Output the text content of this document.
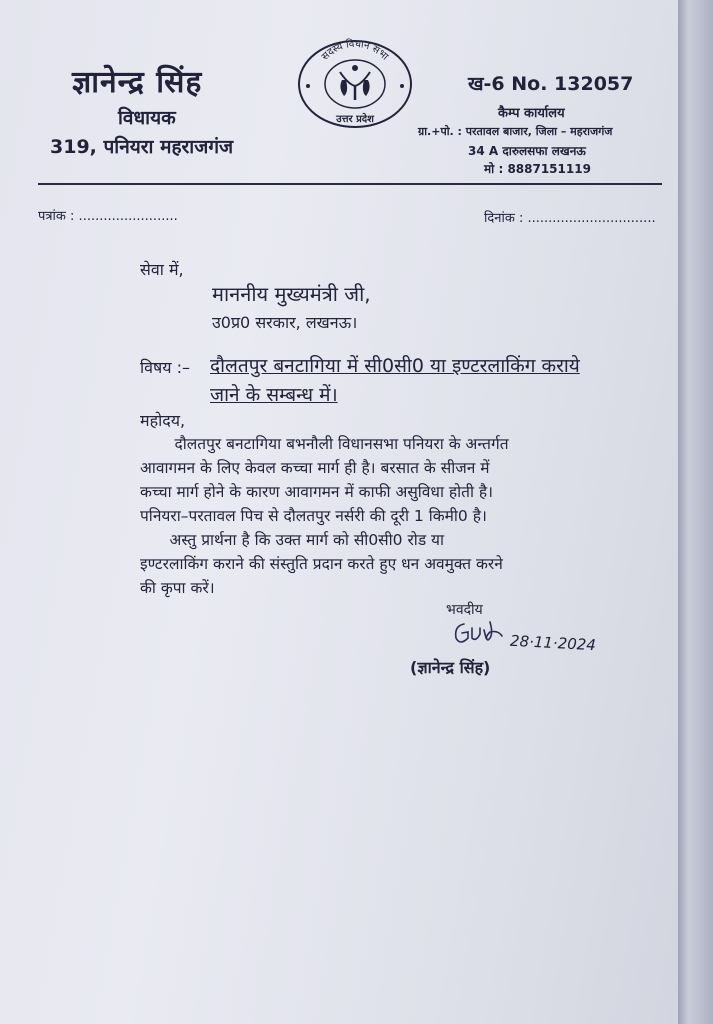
ज्ञानेन्द्र सिंह
विधायक
319, पनियरा महराजगंज
सदस्य विधान सभा
उत्तर प्रदेश
ख-6 No. 132057
कैम्प कार्यालय
ग्रा.+पो. : परतावल बाजार, जिला – महराजगंज
34 A दारुलसफा लखनऊ
मो : 8887151119
पत्रांक : ........................	दिनांक : ...............................
सेवा में,
माननीय मुख्यमंत्री जी,
उ0प्र0 सरकार, लखनऊ।
विषय :– दौलतपुर बनटागिया में सी0सी0 या इण्टरलाकिंग कराये
जाने के सम्बन्ध में।
महोदय,

दौलतपुर बनटागिया बभनौली विधानसभा पनियरा के अन्तर्गत

आवागमन के लिए केवल कच्चा मार्ग ही है। बरसात के सीजन में

कच्चा मार्ग होने के कारण आवागमन में काफी असुविधा होती है।

पनियरा–परतावल पिच से दौलतपुर नर्सरी की दूरी 1 किमी0 है।

अस्तु प्रार्थना है कि उक्त मार्ग को सी0सी0 रोड या

इण्टरलाकिंग कराने की संस्तुति प्रदान करते हुए धन अवमुक्त करने

की कृपा करें।

भवदीय
28·11·2024
(ज्ञानेन्द्र सिंह)
